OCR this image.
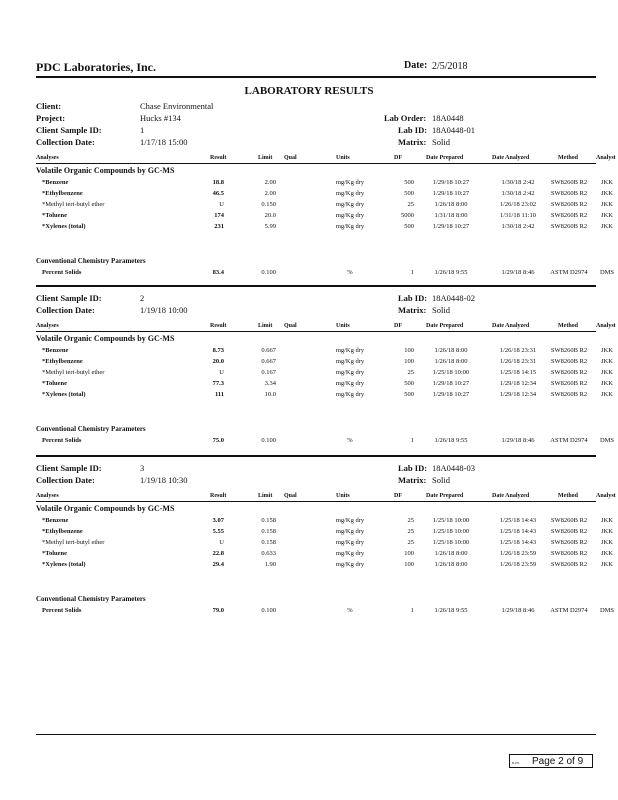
PDC Laboratories, Inc.	Date: 2/5/2018
LABORATORY RESULTS
Client:	Chase Environmental
Project:	Hucks #134	Lab Order: 18A0448
Client Sample ID:	1
Collection Date:	1/17/18 15:00
Lab ID: 18A0448-01
Matrix: Solid
Analyses	Result	Limit Qual	Units	DF	Date Prepared	Date Analyzed	Method	Analyst
Volatile Organic Compounds by GC-MS
*Benzene	18.8	2.00	mg/Kg dry	500	1/29/18 10:27	1/30/18 2:42	SW8260B R2	JKK
*Ethylbenzene	46.5	2.00	mg/Kg dry	500	1/29/18 10:27	1/30/18 2:42	SW8260B R2	JKK
*Methyl tert-butyl ether	U	0.150	mg/Kg dry	25	1/26/18 8:00	1/26/18 23:02	SW8260B R2	JKK
*Toluene	174	20.0	mg/Kg dry	5000	1/31/18 8:00	1/31/18 11:10	SW8260B R2	JKK
*Xylenes (total)	231	5.99	mg/Kg dry	500	1/29/18 10:27	1/30/18 2:42	SW8260B R2	JKK
Conventional Chemistry Parameters
Percent Solids	83.4	0.100	%	1	1/26/18 9:55	1/29/18 8:46	ASTM D2974	DMS
Client Sample ID:	2
Collection Date:	1/19/18 10:00
Lab ID: 18A0448-02
Matrix: Solid
Analyses	Result	Limit Qual	Units	DF	Date Prepared	Date Analyzed	Method	Analyst
Volatile Organic Compounds by GC-MS
*Benzene	8.73	0.667	mg/Kg dry	100	1/26/18 8:00	1/26/18 23:31	SW8260B R2	JKK
*Ethylbenzene	20.0	0.667	mg/Kg dry	100	1/26/18 8:00	1/26/18 23:31	SW8260B R2	JKK
*Methyl tert-butyl ether	U	0.167	mg/Kg dry	25	1/25/18 10:00	1/25/18 14:15	SW8260B R2	JKK
*Toluene	77.3	3.34	mg/Kg dry	500	1/29/18 10:27	1/29/18 12:34	SW8260B R2	JKK
*Xylenes (total)	111	10.0	mg/Kg dry	500	1/29/18 10:27	1/29/18 12:34	SW8260B R2	JKK
Conventional Chemistry Parameters
Percent Solids	75.0	0.100	%	1	1/26/18 9:55	1/29/18 8:46	ASTM D2974	DMS
Client Sample ID:	3
Collection Date:	1/19/18 10:30
Lab ID: 18A0448-03
Matrix: Solid
Analyses	Result	Limit Qual	Units	DF	Date Prepared	Date Analyzed	Method	Analyst
Volatile Organic Compounds by GC-MS
*Benzene	3.07	0.158	mg/Kg dry	25	1/25/18 10:00	1/25/18 14:43	SW8260B R2	JKK
*Ethylbenzene	5.55	0.158	mg/Kg dry	25	1/25/18 10:00	1/25/18 14:43	SW8260B R2	JKK
*Methyl tert-butyl ether	U	0.158	mg/Kg dry	25	1/25/18 10:00	1/25/18 14:43	SW8260B R2	JKK
*Toluene	22.8	0.633	mg/Kg dry	100	1/26/18 8:00	1/26/18 23:59	SW8260B R2	JKK
*Xylenes (total)	29.4	1.90	mg/Kg dry	100	1/26/18 8:00	1/26/18 23:59	SW8260B R2	JKK
Conventional Chemistry Parameters
Percent Solids	79.0	0.100	%	1	1/26/18 9:55	1/29/18 8:46	ASTM D2974	DMS
n.m. Page 2 of 9
